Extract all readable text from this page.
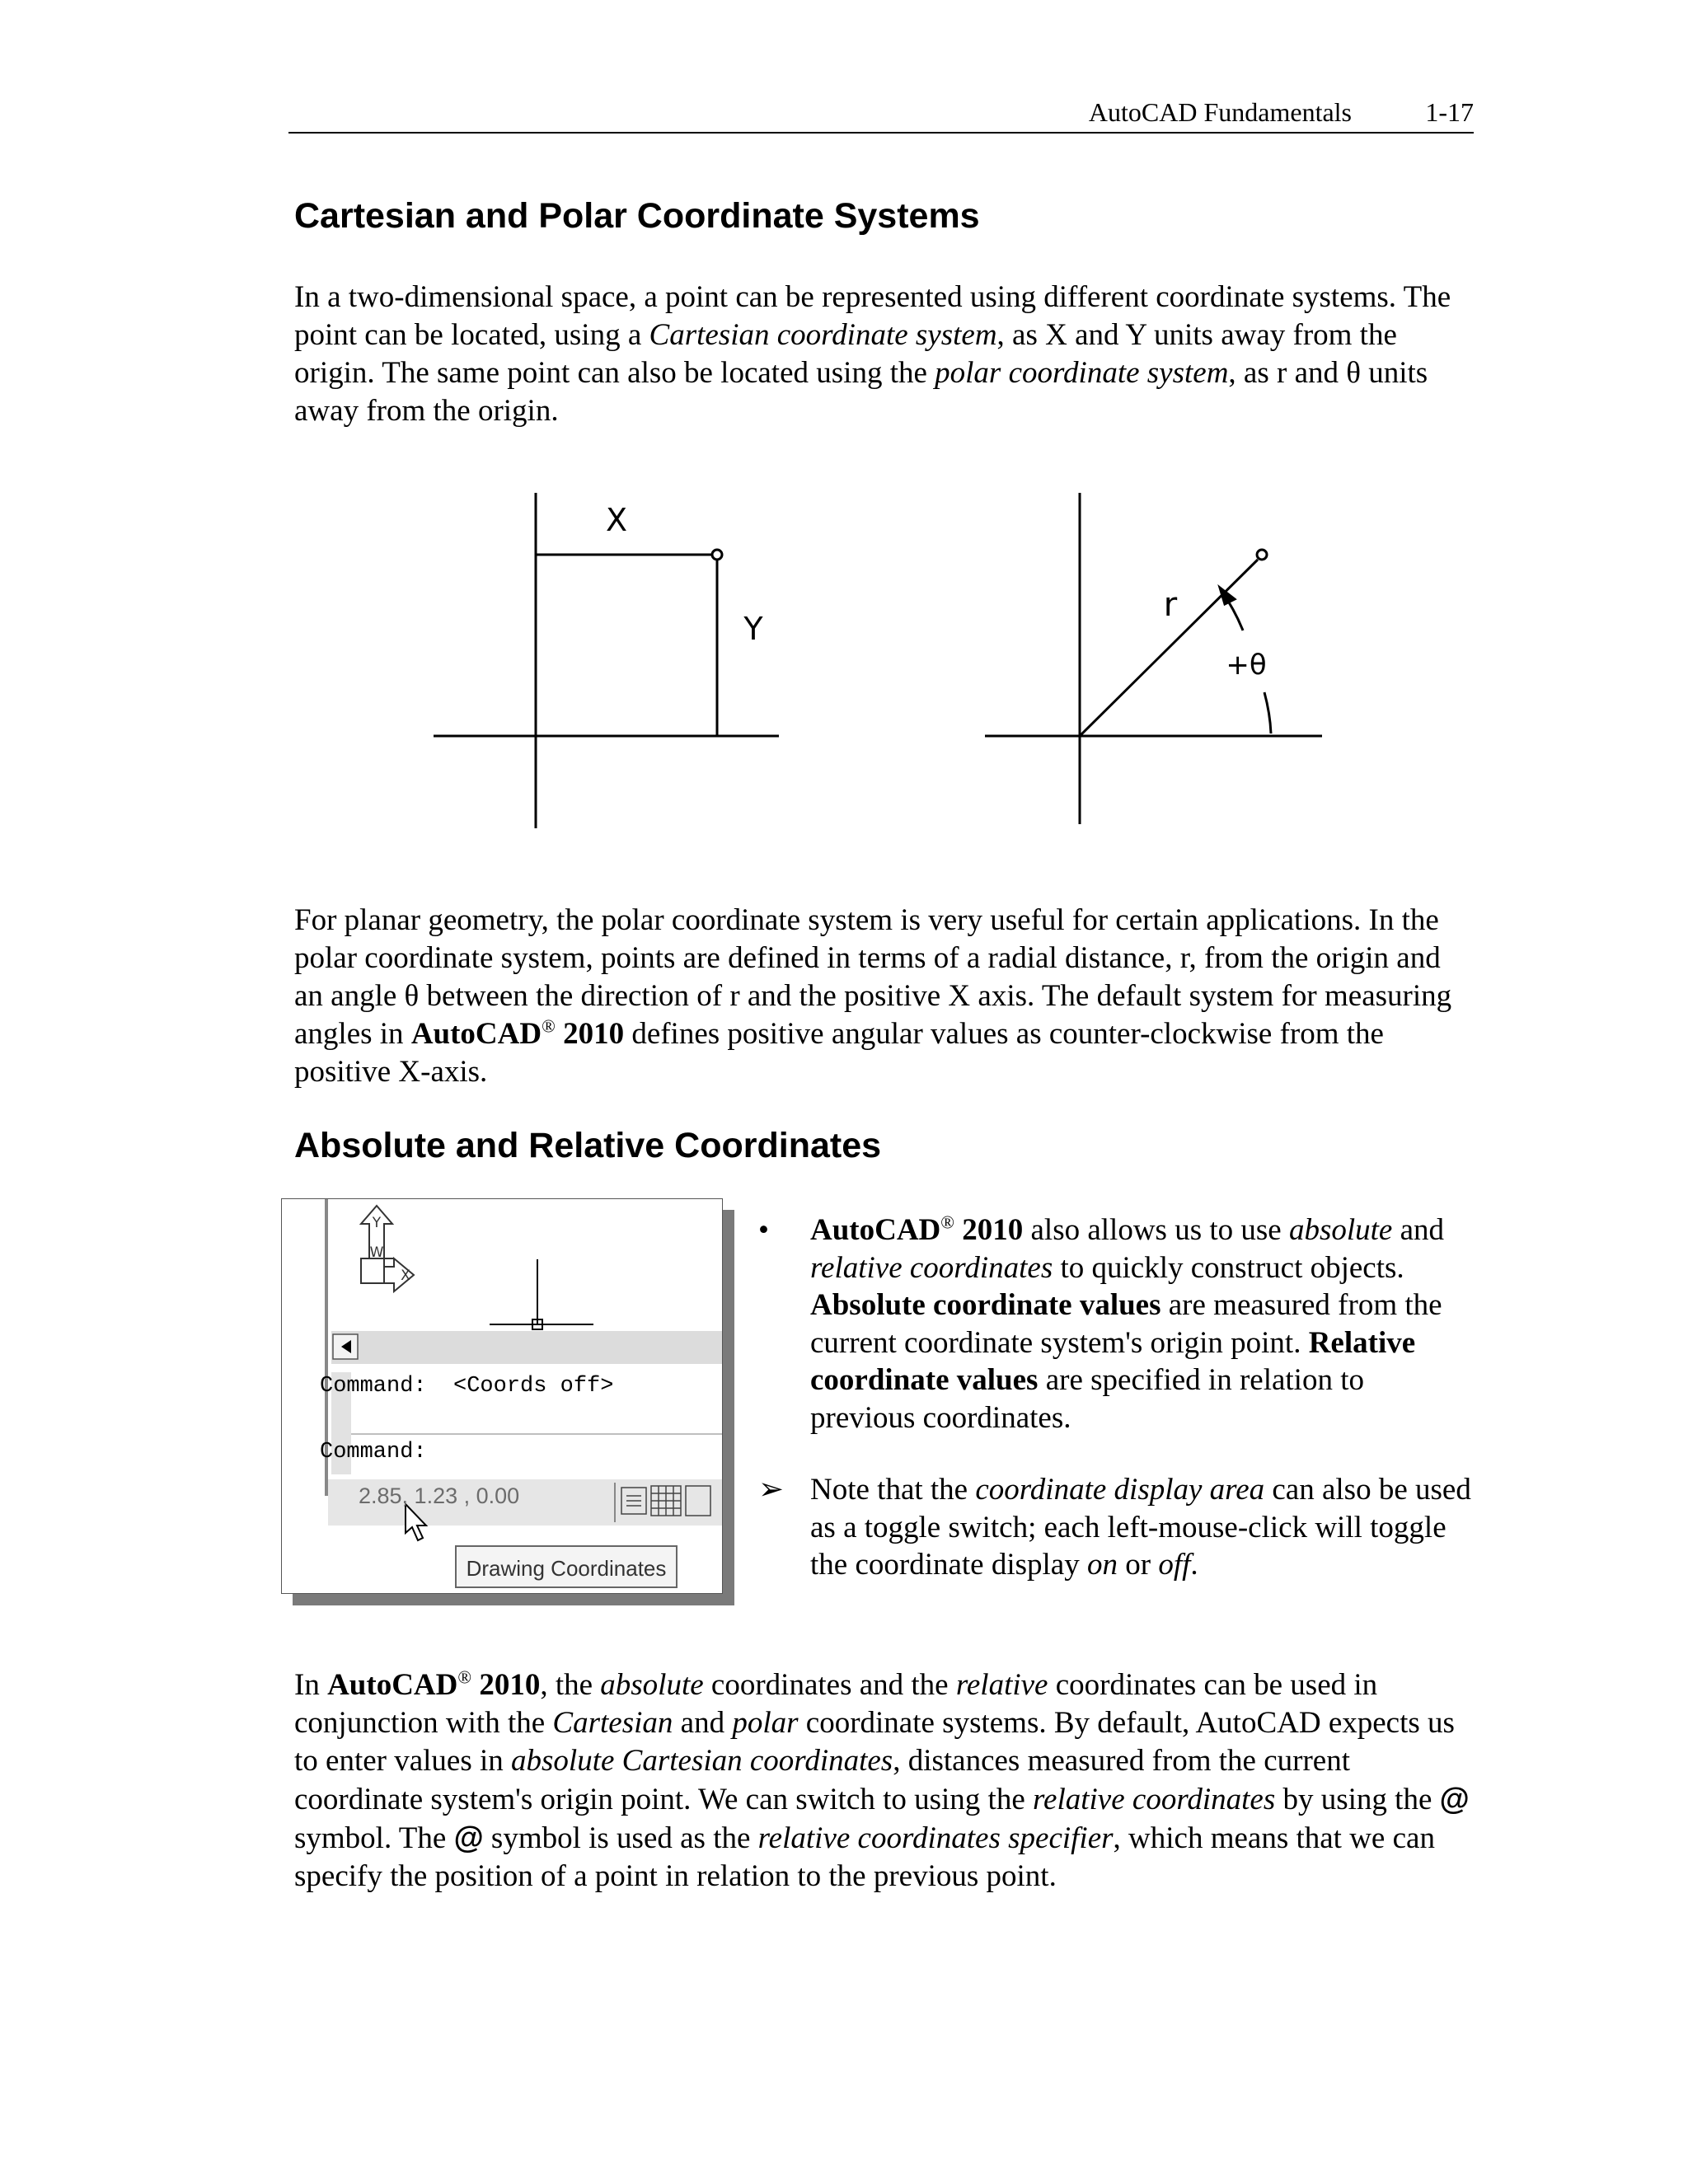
AutoCAD Fundamentals	1-17
Cartesian and Polar Coordinate Systems

In a two-dimensional space, a point can be represented using different coordinate systems. The point can be located, using a Cartesian coordinate system, as X and Y units away from the origin. The same point can also be located using the polar coordinate system, as r and θ units away from the origin.

X
Y
r
+θ

For planar geometry, the polar coordinate system is very useful for certain applications. In the polar coordinate system, points are defined in terms of a radial distance, r, from the origin and an angle θ between the direction of r and the positive X axis. The default system for measuring angles in AutoCAD® 2010 defines positive angular values as counter-clockwise from the positive X-axis.

Absolute and Relative Coordinates
Y
W
X
Command:  <Coords off>
Command:
2.85, 1.23 , 0.00
Drawing Coordinates
• AutoCAD® 2010 also allows us to use absolute and relative coordinates to quickly construct objects. Absolute coordinate values are measured from the current coordinate system's origin point. Relative coordinate values are specified in relation to previous coordinates.
➢ Note that the coordinate display area can also be used as a toggle switch; each left-mouse-click will toggle the coordinate display on or off.

In AutoCAD® 2010, the absolute coordinates and the relative coordinates can be used in conjunction with the Cartesian and polar coordinate systems. By default, AutoCAD expects us to enter values in absolute Cartesian coordinates, distances measured from the current coordinate system's origin point. We can switch to using the relative coordinates by using the @ symbol. The @ symbol is used as the relative coordinates specifier, which means that we can specify the position of a point in relation to the previous point.
